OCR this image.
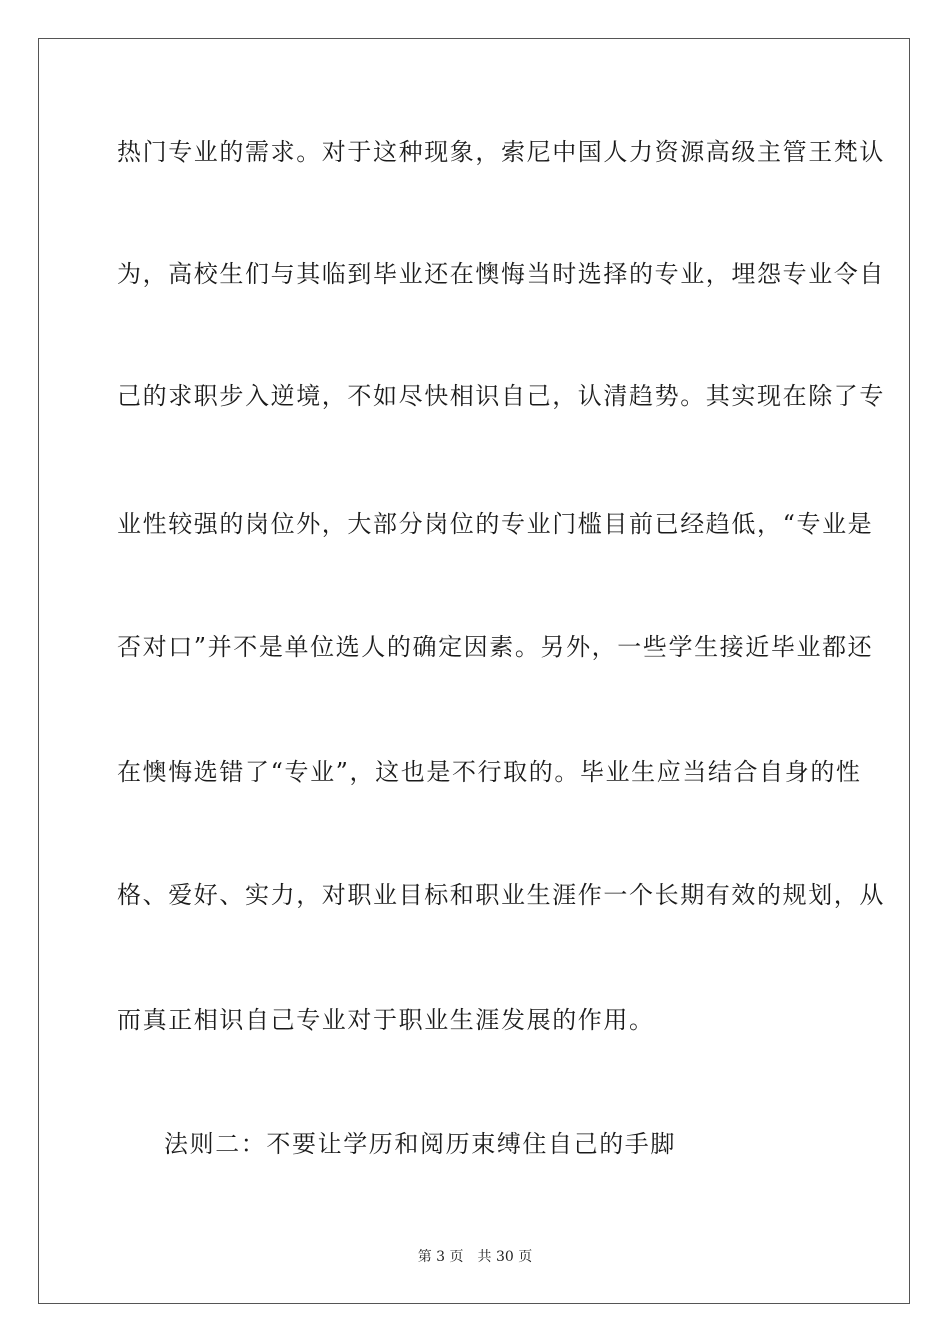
热门专业的需求。对于这种现象，索尼中国人力资源高级主管王梵认
为，高校生们与其临到毕业还在懊悔当时选择的专业，埋怨专业令自
己的求职步入逆境，不如尽快相识自己，认清趋势。其实现在除了专
业性较强的岗位外，大部分岗位的专业门槛目前已经趋低，“专业是
否对口”并不是单位选人的确定因素。另外，一些学生接近毕业都还
在懊悔选错了“专业”，这也是不行取的。毕业生应当结合自身的性
格、爱好、实力，对职业目标和职业生涯作一个长期有效的规划，从
而真正相识自己专业对于职业生涯发展的作用。
法则二：不要让学历和阅历束缚住自己的手脚
第 3 页　共 30 页
